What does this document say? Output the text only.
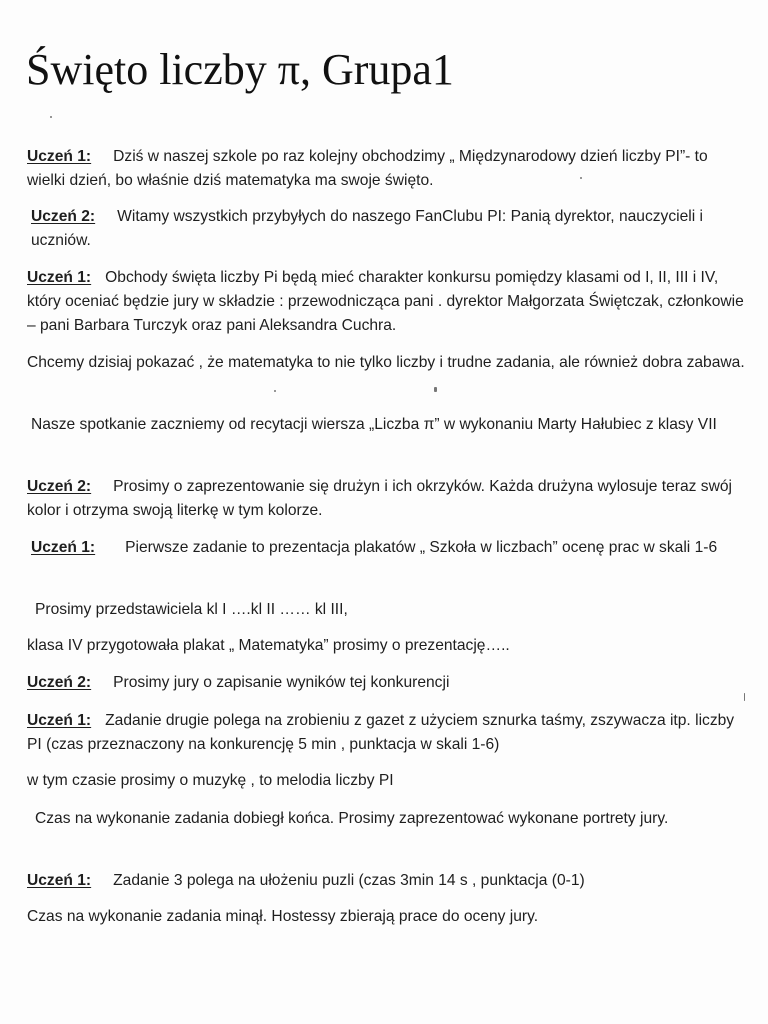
Święto liczby π, Grupa1

Uczeń 1: Dziś w naszej szkole po raz kolejny obchodzimy „ Międzynarodowy dzień liczby PI”- to wielki dzień, bo właśnie dziś matematyka ma swoje święto.

Uczeń 2: Witamy wszystkich przybyłych do naszego FanClubu PI: Panią dyrektor, nauczycieli i uczniów.

Uczeń 1: Obchody święta liczby Pi będą mieć charakter konkursu pomiędzy klasami od I, II, III i IV, który oceniać będzie jury w składzie : przewodnicząca pani . dyrektor Małgorzata Świętczak, członkowie – pani Barbara Turczyk oraz pani Aleksandra Cuchra.

Chcemy dzisiaj pokazać , że matematyka to nie tylko liczby i trudne zadania, ale również dobra zabawa.

Nasze spotkanie zaczniemy od recytacji wiersza „Liczba π” w wykonaniu Marty Hałubiec z klasy VII

Uczeń 2: Prosimy o zaprezentowanie się drużyn i ich okrzyków. Każda drużyna wylosuje teraz swój kolor i otrzyma swoją literkę w tym kolorze.

Uczeń 1: Pierwsze zadanie to prezentacja plakatów „ Szkoła w liczbach” ocenę prac w skali 1-6

Prosimy przedstawiciela kl I ….kl II …… kl III,

klasa IV przygotowała plakat „ Matematyka” prosimy o prezentację…..

Uczeń 2: Prosimy jury o zapisanie wyników tej konkurencji

Uczeń 1: Zadanie drugie polega na zrobieniu z gazet z użyciem sznurka taśmy, zszywacza itp. liczby PI (czas przeznaczony na konkurencję 5 min , punktacja w skali 1-6)

w tym czasie prosimy o muzykę , to melodia liczby PI

Czas na wykonanie zadania dobiegł końca. Prosimy zaprezentować wykonane portrety jury.

Uczeń 1: Zadanie 3 polega na ułożeniu puzli (czas 3min 14 s , punktacja (0-1)

Czas na wykonanie zadania minął. Hostessy zbierają prace do oceny jury.
